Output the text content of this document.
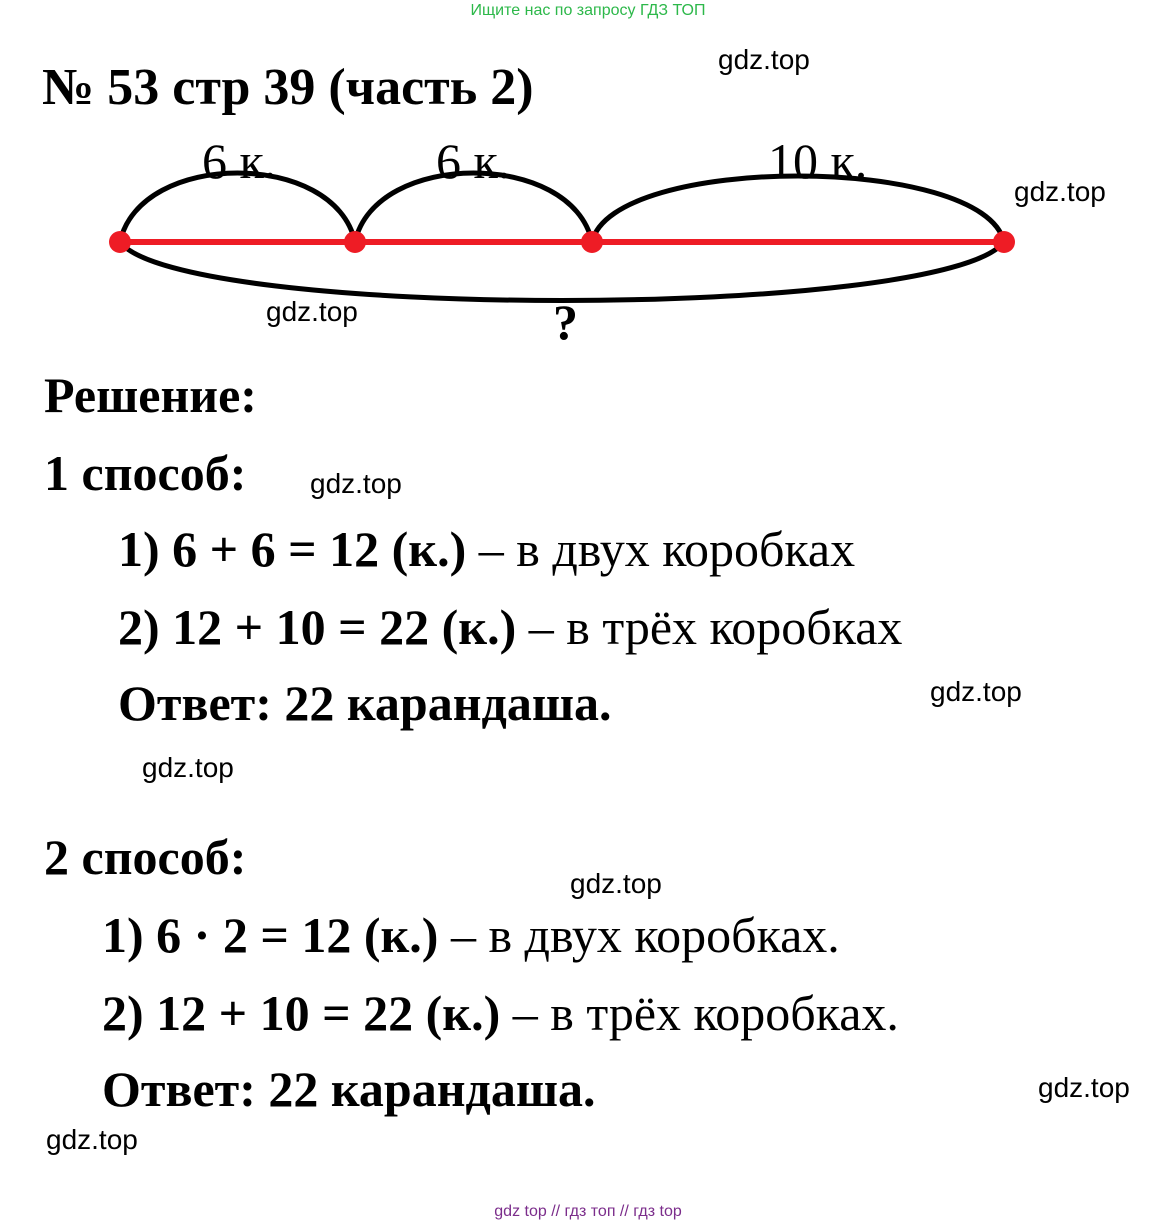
Ищите нас по запросу ГДЗ ТОП
№ 53 стр 39 (часть 2)	gdz.top
gdz.top
gdz.top
gdz.top
gdz.top
gdz.top
gdz.top
gdz.top
gdz.top
6 к.	6 к.	10 к.
?
Решение:
1 способ:
1) 6 + 6 = 12 (к.) – в двух коробках
2) 12 + 10 = 22 (к.) – в трёх коробках
Ответ: 22 карандаша.
2 способ:
1) 6 · 2 = 12 (к.) – в двух коробках.
2) 12 + 10 = 22 (к.) – в трёх коробках.
Ответ: 22 карандаша.
gdz top // гдз топ // гдз top
